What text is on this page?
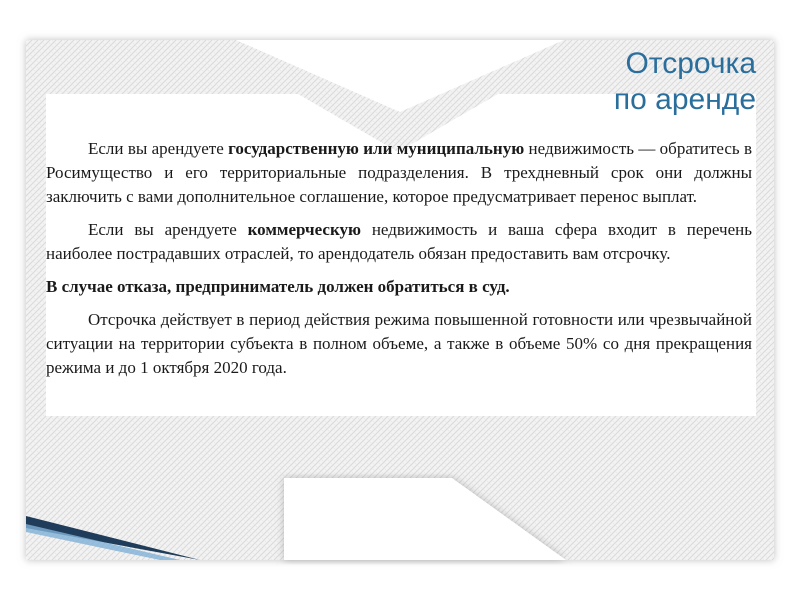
Отсрочка
по аренде

Если вы арендуете государственную или муниципальную недвижимость — обратитесь в Росимущество и его территориальные подразделения. В трехдневный срок они должны заключить с вами дополнительное соглашение, которое предусматривает перенос выплат.

Если вы арендуете коммерческую недвижимость и ваша сфера входит в перечень наиболее пострадавших отраслей, то арендодатель обязан предоставить вам отсрочку.

В случае отказа, предприниматель должен обратиться в суд.

Отсрочка действует в период действия режима повышенной готовности или чрезвычайной ситуации на территории субъекта в полном объеме, а также в объеме 50% со дня прекращения режима и до 1 октября 2020 года.
